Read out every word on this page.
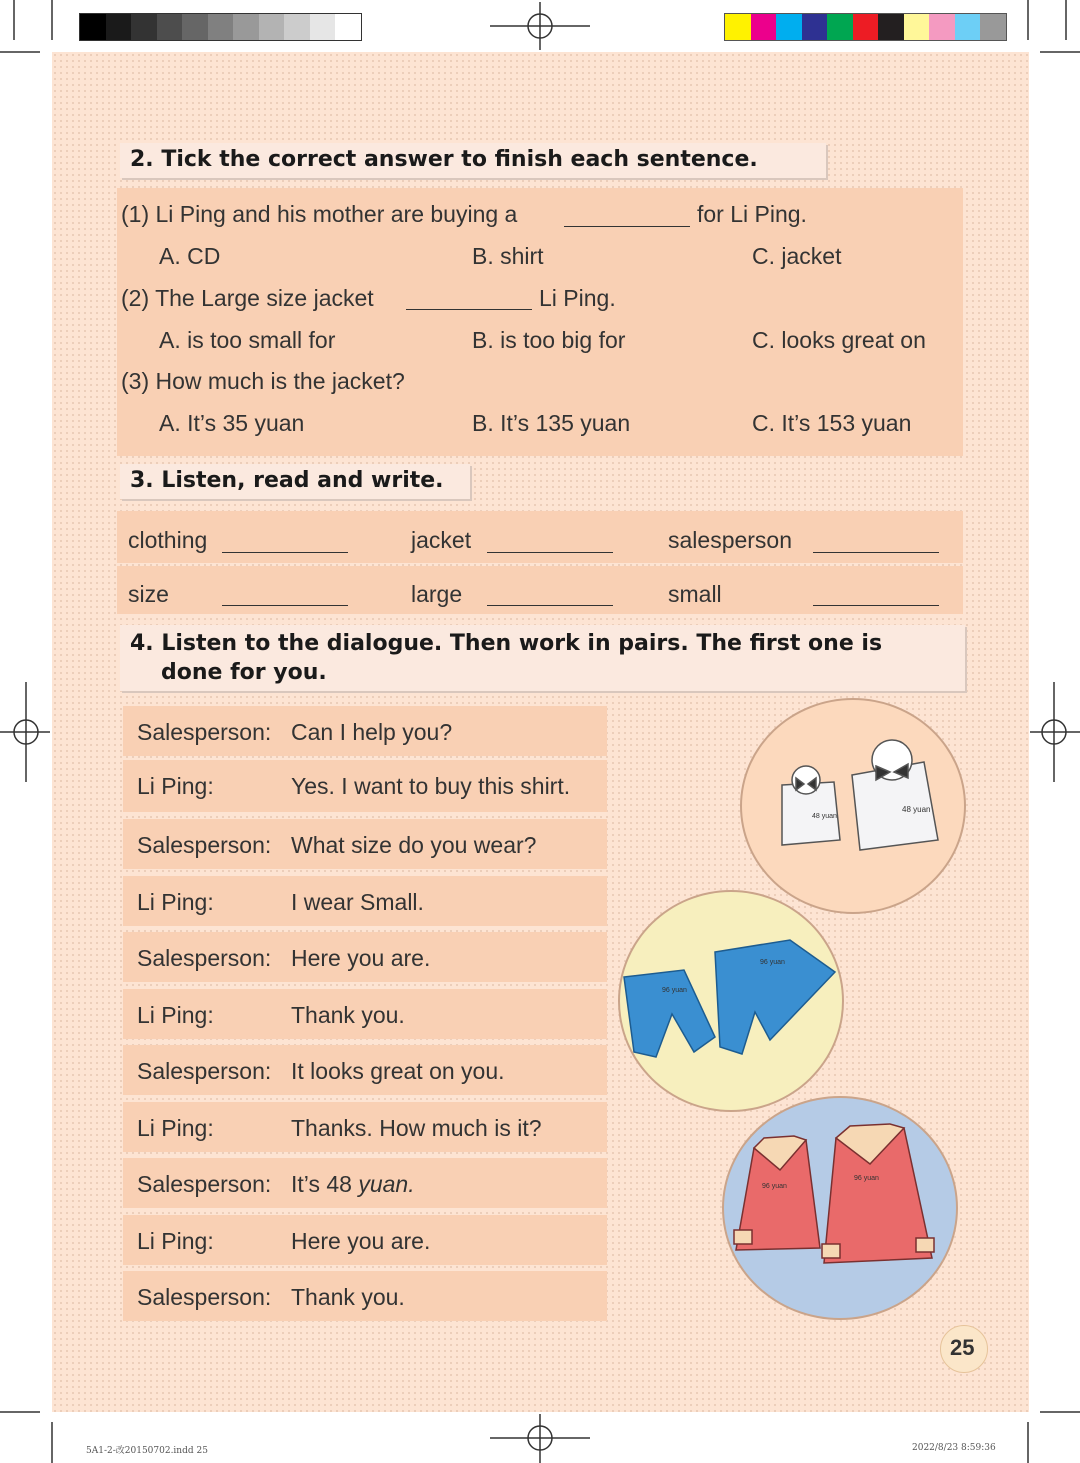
2. Tick the correct answer to finish each sentence.
(1) Li Ping and his mother are buying a	for Li Ping.
A. CD	B. shirt	C. jacket
(2) The Large size jacket	Li Ping.
A. is too small for	B. is too big for	C. looks great on
(3) How much is the jacket?
A. It’s 35 yuan	B. It’s 135 yuan	C. It’s 153 yuan
3. Listen, read and write.
clothing	jacket	salesperson
size	large	small
4. Listen to the dialogue. Then work in pairs. The first one is
done for you.
Salesperson: Can I help you?
Li Ping:	Yes. I want to buy this shirt.
Salesperson: What size do you wear?
Li Ping:	I wear Small.
Salesperson: Here you are.
Li Ping:	Thank you.
Salesperson: It looks great on you.
Li Ping:	Thanks. How much is it?
Salesperson: It’s 48 yuan.
Li Ping:	Here you are.
Salesperson: Thank you.
48 yuan
48 yuan
96 yuan
96 yuan
96 yuan
96 yuan
25
5A1-2-改20150702.indd 25	2022/8/23 8:59:36
